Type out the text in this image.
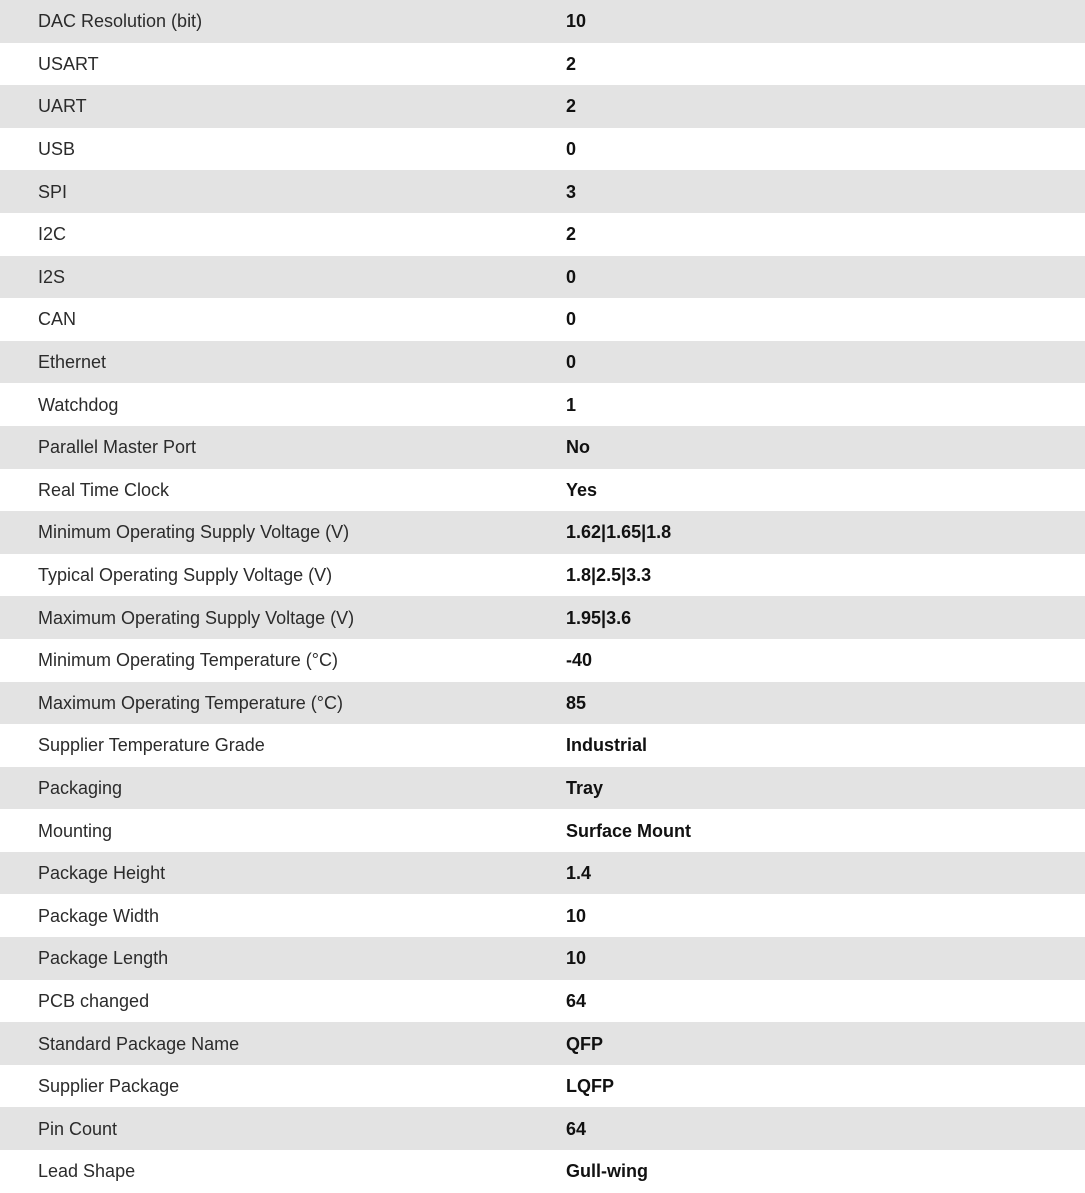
DAC Resolution (bit)	10
USART	2
UART	2
USB	0
SPI	3
I2C	2
I2S	0
CAN	0
Ethernet	0
Watchdog	1
Parallel Master Port	No
Real Time Clock	Yes
Minimum Operating Supply Voltage (V)	1.62|1.65|1.8
Typical Operating Supply Voltage (V)	1.8|2.5|3.3
Maximum Operating Supply Voltage (V)	1.95|3.6
Minimum Operating Temperature (°C)	-40
Maximum Operating Temperature (°C)	85
Supplier Temperature Grade	Industrial
Packaging	Tray
Mounting	Surface Mount
Package Height	1.4
Package Width	10
Package Length	10
PCB changed	64
Standard Package Name	QFP
Supplier Package	LQFP
Pin Count	64
Lead Shape	Gull-wing
